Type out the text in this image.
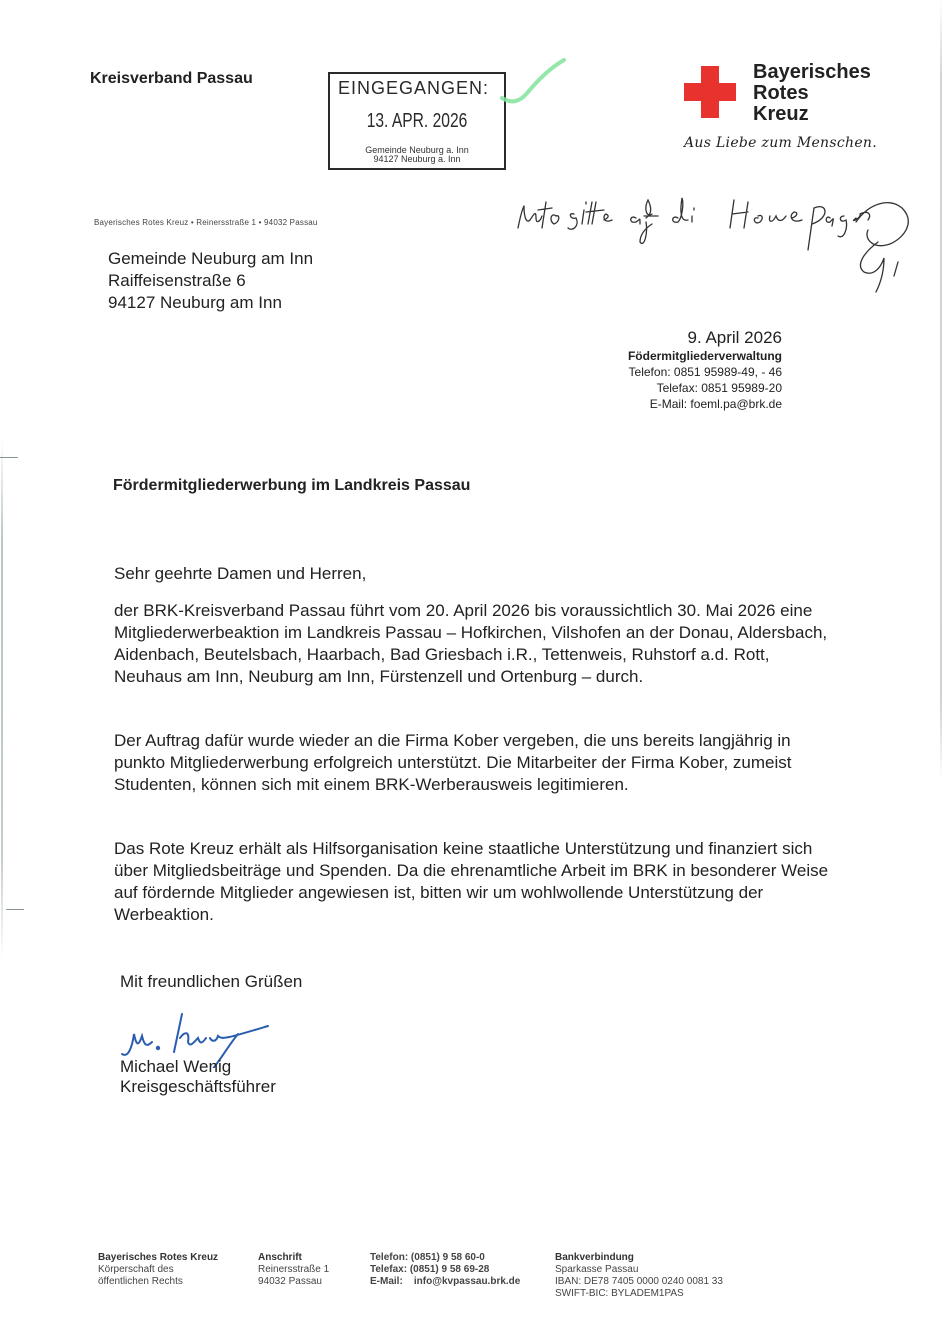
Kreisverband Passau	EINGEGANGEN:
13. APR. 2026
Gemeinde Neuburg a. Inn
94127 Neuburg a. Inn
Bayerisches
Rotes
Kreuz
Aus Liebe zum Menschen.
Bayerisches Rotes Kreuz • Reinersstraße 1 • 94032 Passau
Gemeinde Neuburg am Inn
Raiffeisenstraße 6
94127 Neuburg am Inn
9. April 2026
Födermitgliederverwaltung
Telefon: 0851 95989-49, - 46
Telefax: 0851 95989-20
E-Mail: foeml.pa@brk.de
Fördermitgliederwerbung im Landkreis Passau
Sehr geehrte Damen und Herren,
der BRK-Kreisverband Passau führt vom 20. April 2026 bis voraussichtlich 30. Mai 2026 eine Mitgliederwerbeaktion im Landkreis Passau – Hofkirchen, Vilshofen an der Donau, Aldersbach, Aidenbach, Beutelsbach, Haarbach, Bad Griesbach i.R., Tettenweis, Ruhstorf a.d. Rott, Neuhaus am Inn, Neuburg am Inn, Fürstenzell und Ortenburg – durch.
Der Auftrag dafür wurde wieder an die Firma Kober vergeben, die uns bereits langjährig in punkto Mitgliederwerbung erfolgreich unterstützt. Die Mitarbeiter der Firma Kober, zumeist Studenten, können sich mit einem BRK-Werberausweis legitimieren.
Das Rote Kreuz erhält als Hilfsorganisation keine staatliche Unterstützung und finanziert sich über Mitgliedsbeiträge und Spenden. Da die ehrenamtliche Arbeit im BRK in besonderer Weise auf fördernde Mitglieder angewiesen ist, bitten wir um wohlwollende Unterstützung der Werbeaktion.
Mit freundlichen Grüßen
Michael Wenig
Kreisgeschäftsführer
Bayerisches Rotes Kreuz
Körperschaft des
öffentlichen Rechts
Anschrift
Reinersstraße 1
94032 Passau
Telefon: (0851) 9 58 60-0
Telefax: (0851) 9 58 69-28
E-Mail:    info@kvpassau.brk.de
Bankverbindung
Sparkasse Passau
IBAN: DE78 7405 0000 0240 0081 33
SWIFT-BIC: BYLADEM1PAS
